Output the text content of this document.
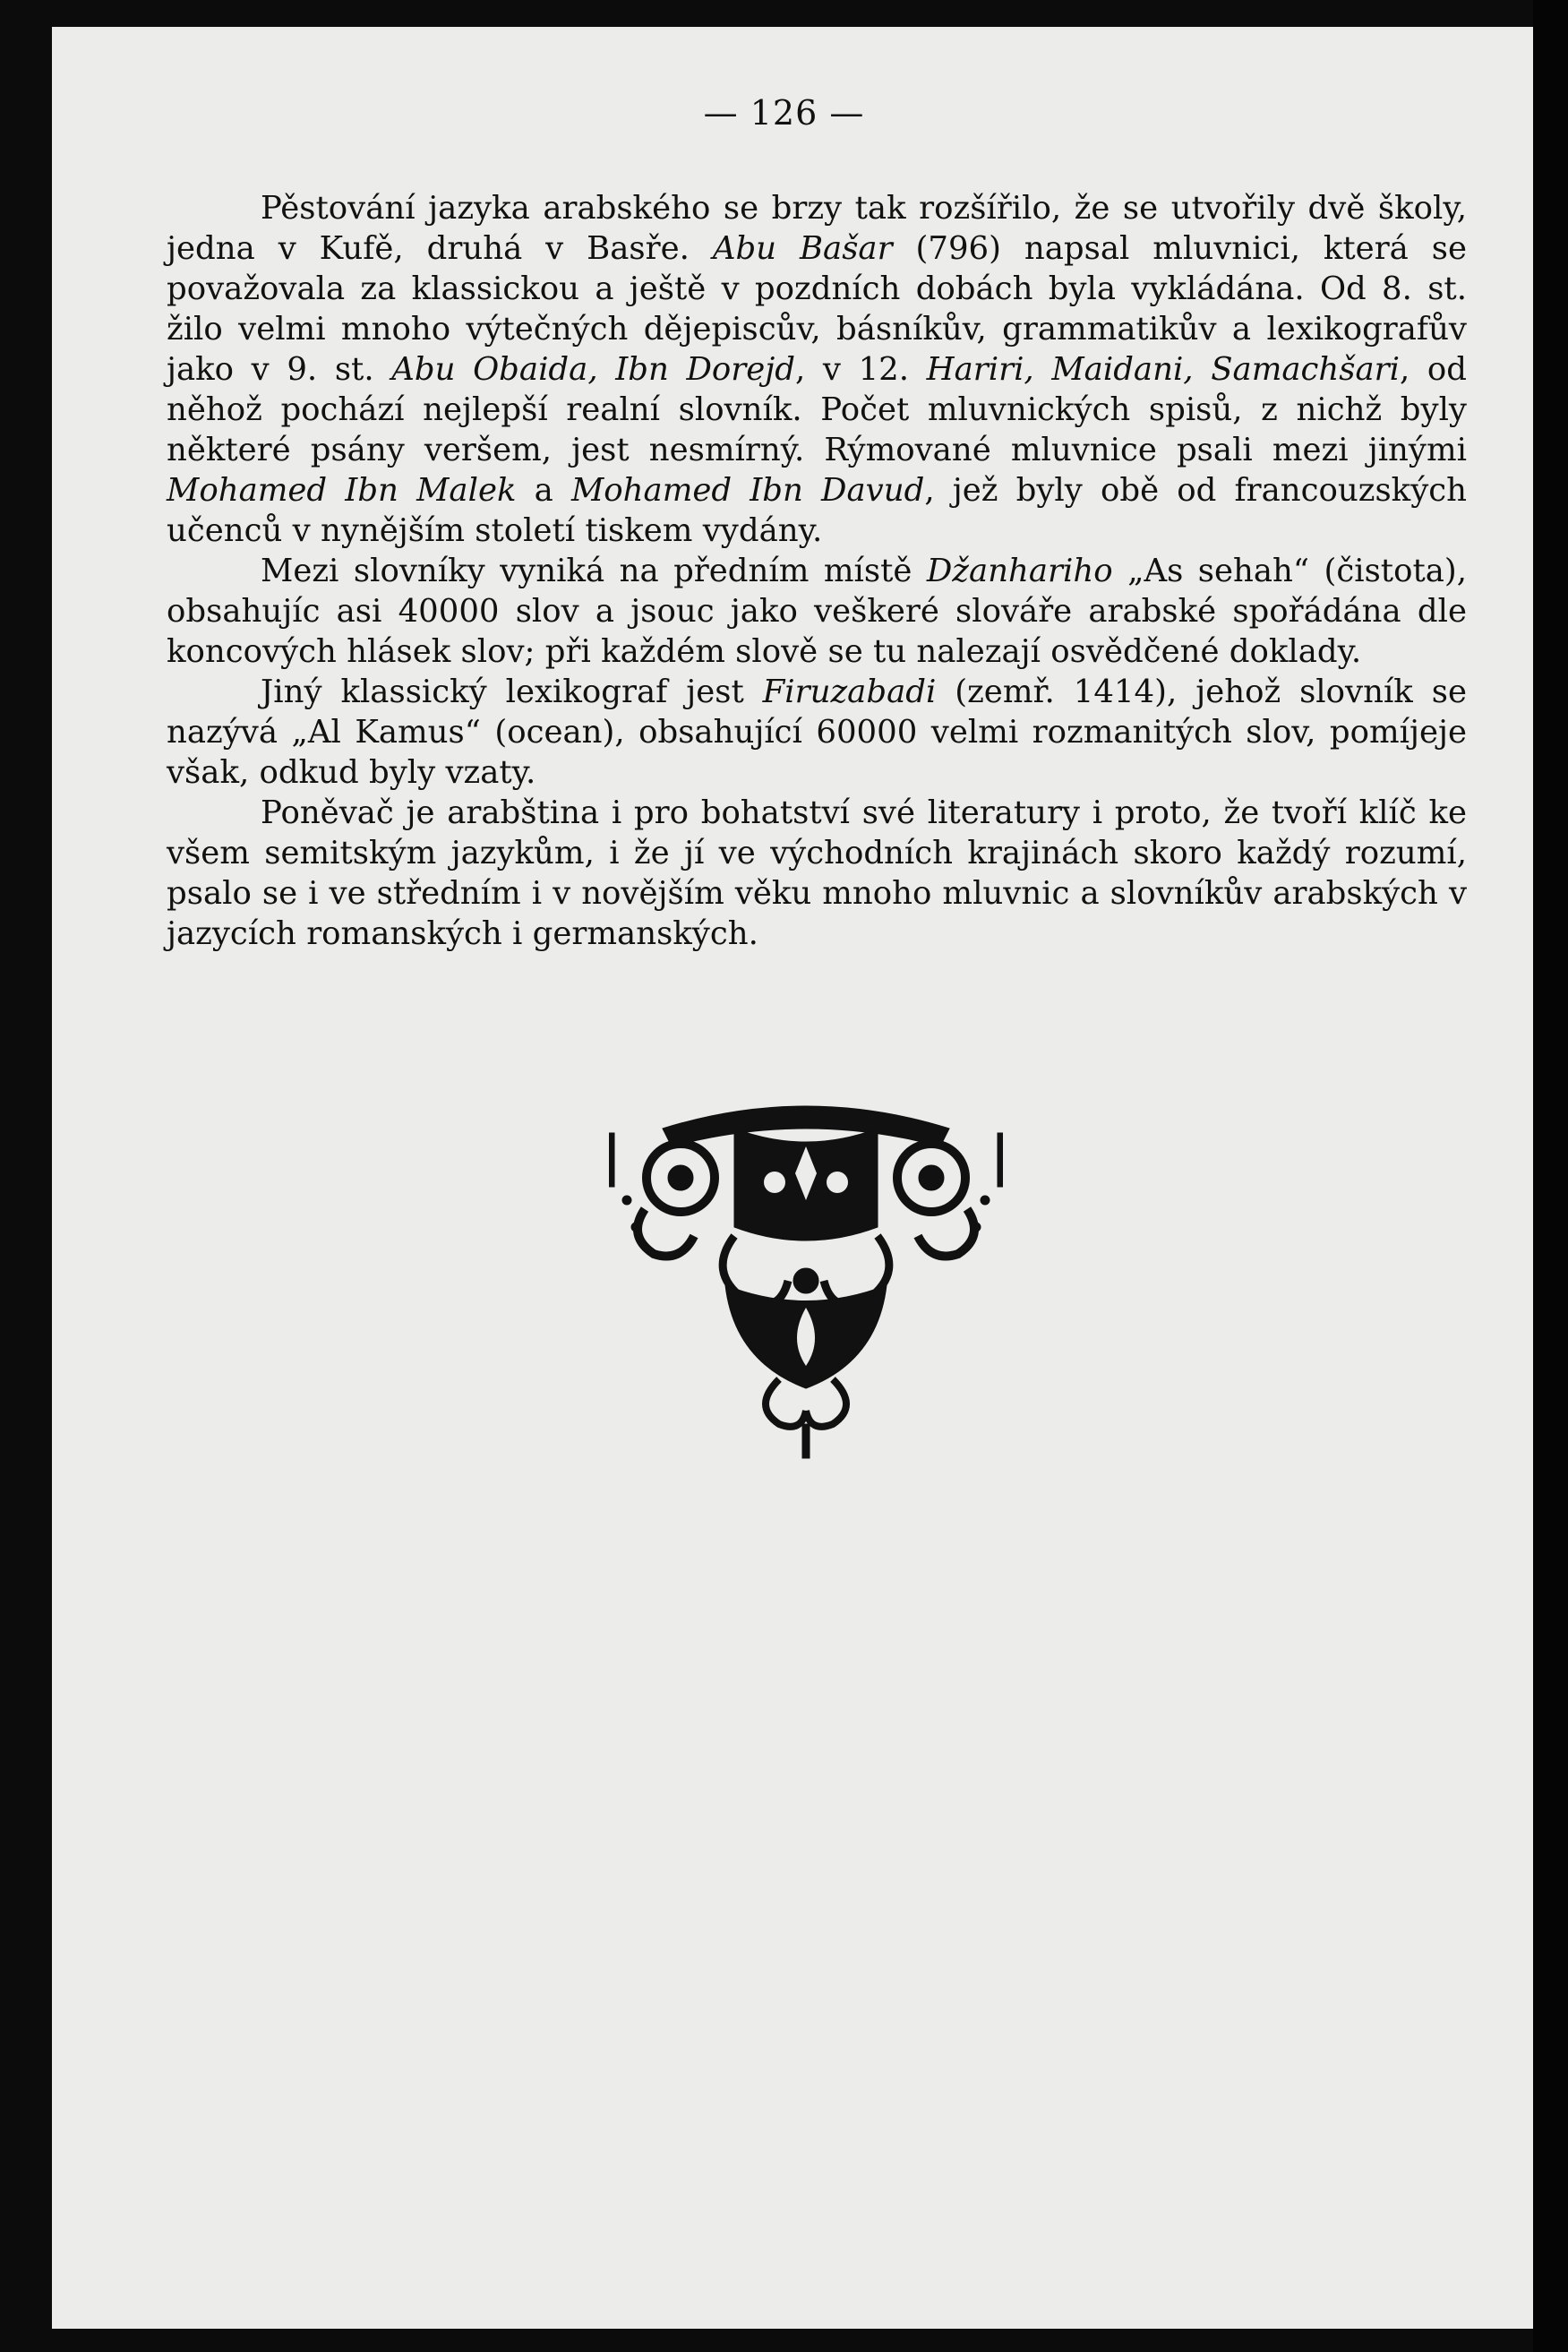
— 126 —

Pěstování jazyka arabského se brzy tak rozšířilo, že se utvořily dvě školy, jedna v Kufě, druhá v Basře. Abu Bašar (796) napsal mluvnici, která se považovala za klassickou a ještě v pozdních dobách byla vykládána. Od 8. st. žilo velmi mnoho výtečných dějepiscův, básníkův, grammatikův a lexikografův jako v 9. st. Abu Obaida, Ibn Dorejd, v 12. Hariri, Maidani, Samachšari, od něhož pochází nejlepší realní slovník. Počet mluvnických spisů, z nichž byly některé psány veršem, jest nesmírný. Rýmované mluvnice psali mezi jinými Mohamed Ibn Malek a Mohamed Ibn Davud, jež byly obě od francouzských učenců v nynějším století tiskem vydány.

Mezi slovníky vyniká na předním místě Džanhariho „As sehah“ (čistota), obsahujíc asi 40000 slov a jsouc jako veškeré slováře arabské spořádána dle koncových hlásek slov; při každém slově se tu nalezají osvědčené doklady.

Jiný klassický lexikograf jest Firuzabadi (zemř. 1414), jehož slovník se nazývá „Al Kamus“ (ocean), obsahující 60000 velmi rozmanitých slov, pomíjeje však, odkud byly vzaty.

Poněvač je arabština i pro bohatství své literatury i proto, že tvoří klíč ke všem semitským jazykům, i že jí ve východních krajinách skoro každý rozumí, psalo se i ve středním i v novějším věku mnoho mluvnic a slovníkův arabských v jazycích romanských i germanských.
